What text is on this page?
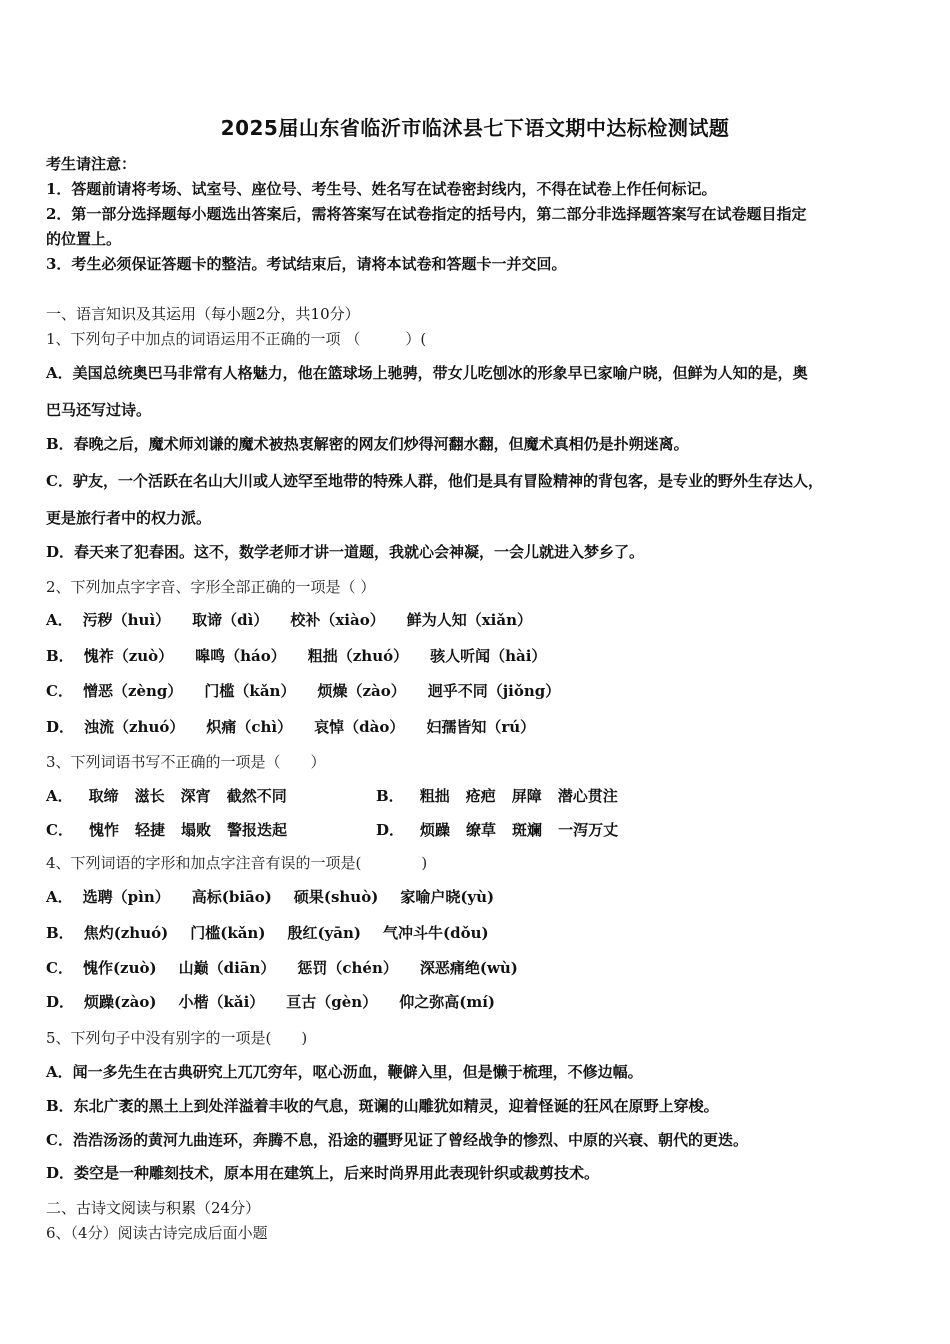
2025届山东省临沂市临沭县七下语文期中达标检测试题
考生请注意：
1．答题前请将考场、试室号、座位号、考生号、姓名写在试卷密封线内，不得在试卷上作任何标记。
2．第一部分选择题每小题选出答案后，需将答案写在试卷指定的括号内，第二部分非选择题答案写在试卷题目指定
的位置上。
3．考生必须保证答题卡的整洁。考试结束后，请将本试卷和答题卡一并交回。
一、语言知识及其运用（每小题2分，共10分）
1、下列句子中加点的词语运用不正确的一项 （　　　）(
A．美国总统奥巴马非常有人格魅力，他在篮球场上驰骋，带女儿吃刨冰的形象早已家喻户晓，但鲜为人知的是，奥
巴马还写过诗。
B．春晚之后，魔术师刘谦的魔术被热衷解密的网友们炒得河翻水翻，但魔术真相仍是扑朔迷离。
C．驴友，一个活跃在名山大川或人迹罕至地带的特殊人群，他们是具有冒险精神的背包客，是专业的野外生存达人，
更是旅行者中的权力派。
D．春天来了犯春困。这不，数学老师才讲一道题，我就心会神凝，一会儿就进入梦乡了。
2、下列加点字字音、字形全部正确的一项是（ ）
A． 污秽（huì） 取谛（dì） 校补（xiào） 鲜为人知（xiǎn）
B． 愧祚（zuò） 嗥鸣（háo） 粗拙（zhuó） 骇人听闻（hài）
C． 憎恶（zèng） 门槛（kǎn） 烦燥（zào） 迥乎不同（jiǒng）
D． 浊流（zhuó） 炽痛（chì） 哀悼（dào） 妇孺皆知（rú）
3、下列词语书写不正确的一项是（　　）
A． 取缔 滋长 深宵 截然不同	B． 粗拙 疮疤 屏障 潜心贯注
C． 愧怍 轻捷 塌败 警报迭起	D． 烦躁 缭草 斑斓 一泻万丈
4、下列词语的字形和加点字注音有误的一项是(　　　　)
A． 选聘（pìn） 高标(biāo) 硕果(shuò) 家喻户晓(yù)
B． 焦灼(zhuó) 门槛(kǎn) 殷红(yān) 气冲斗牛(dǒu)
C． 愧作(zuò) 山巅（diān） 惩罚（chén） 深恶痛绝(wù)
D． 烦躁(zào) 小楷（kǎi） 亘古（gèn） 仰之弥高(mí)
5、下列句子中没有别字的一项是(　　)
A．闻一多先生在古典研究上兀兀穷年，呕心沥血，鞭僻入里，但是懒于梳理，不修边幅。
B．东北广袤的黑土上到处洋溢着丰收的气息，斑谰的山雕犹如精灵，迎着怪诞的狂风在原野上穿梭。
C．浩浩汤汤的黄河九曲连环，奔腾不息，沿途的疆野见证了曾经战争的惨烈、中原的兴衰、朝代的更迭。
D．娄空是一种雕刻技术，原本用在建筑上，后来时尚界用此表现针织或裁剪技术。
二、古诗文阅读与积累（24分）
6、（4分）阅读古诗完成后面小题
